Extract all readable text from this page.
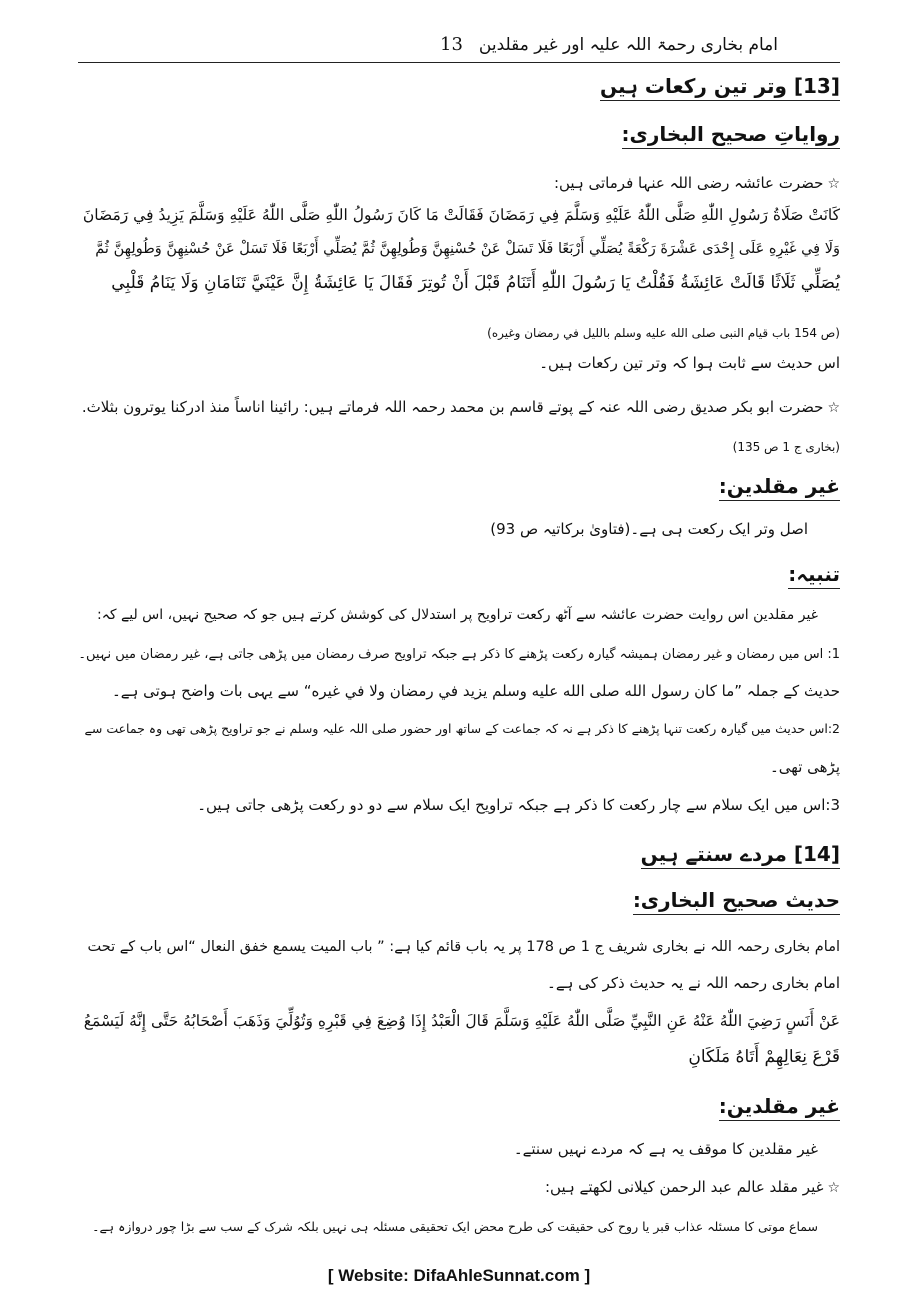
امام بخاری رحمۃ اللہ علیہ اور غیر مقلدین
13
[13] وتر تین رکعات ہیں
روایاتِ صحیح البخاری:
☆حضرت عائشہ رضی اللہ عنہا فرماتی ہیں:
كَانَتْ صَلَاةُ رَسُولِ اللّٰهِ صَلَّى اللّٰهُ عَلَيْهِ وَسَلَّمَ فِي رَمَضَانَ فَقَالَتْ مَا كَانَ رَسُولُ اللّٰهِ صَلَّى اللّٰهُ عَلَيْهِ وَسَلَّمَ يَزِيدُ فِي رَمَضَانَ
وَلَا فِي غَيْرِهِ عَلَى إِحْدَى عَشْرَةَ رَكْعَةً يُصَلِّي أَرْبَعًا فَلَا تَسَلْ عَنْ حُسْنِهِنَّ وَطُولِهِنَّ ثُمَّ يُصَلِّي أَرْبَعًا فَلَا تَسَلْ عَنْ حُسْنِهِنَّ وَطُولِهِنَّ ثُمَّ
يُصَلِّي ثَلَاثًا قَالَتْ عَائِشَةُ فَقُلْتُ يَا رَسُولَ اللّٰهِ أَتَنَامُ قَبْلَ أَنْ تُوتِرَ فَقَالَ يَا عَائِشَةُ إِنَّ عَيْنَيَّ تَنَامَانِ وَلَا يَنَامُ قَلْبِي
(ص 154 باب قیام النبی صلى الله عليه وسلم بالليل في رمضان وغيره)
اس حدیث سے ثابت ہوا کہ وتر تین رکعات ہیں۔
☆حضرت ابو بکر صدیق رضی اللہ عنہ کے پوتے قاسم بن محمد رحمہ اللہ فرماتے ہیں: رائينا اناساً منذ ادركنا يوترون بثلاث.
(بخاری ج 1 ص 135)
غیر مقلدین:
اصل وتر ایک رکعت ہی ہے۔(فتاویٰ برکاتیہ ص 93)
تنبیہ:
غیر مقلدین اس روایت حضرت عائشہ سے آٹھ رکعت تراویح پر استدلال کی کوشش کرتے ہیں جو کہ صحیح نہیں، اس لیے کہ:
1: اس میں رمضان و غیر رمضان ہمیشہ گیارہ رکعت پڑھنے کا ذکر ہے جبکہ تراویح صرف رمضان میں پڑھی جاتی ہے، غیر رمضان میں نہیں۔
حدیث کے جملہ ”ما كان رسول الله صلى الله عليه وسلم يزيد في رمضان ولا في غيره“ سے یہی بات واضح ہوتی ہے۔
2:اس حدیث میں گیارہ رکعت تنہا پڑھنے کا ذکر ہے نہ کہ جماعت کے ساتھ اور حضور صلی اللہ علیہ وسلم نے جو تراویح پڑھی تھی وہ جماعت سے
پڑھی تھی۔
3:اس میں ایک سلام سے چار رکعت کا ذکر ہے جبکہ تراویح ایک سلام سے دو دو رکعت پڑھی جاتی ہیں۔
[14] مردے سنتے ہیں
حدیث صحیح البخاری:
امام بخاری رحمہ اللہ نے بخاری شریف ج 1 ص 178 پر یہ باب قائم کیا ہے: ” باب الميت يسمع خفق النعال “اس باب کے تحت
امام بخاری رحمہ اللہ نے یہ حدیث ذکر کی ہے۔
عَنْ أَنَسٍ رَضِيَ اللّٰهُ عَنْهُ عَنِ النَّبِيِّ صَلَّى اللّٰهُ عَلَيْهِ وَسَلَّمَ قَالَ الْعَبْدُ إِذَا وُضِعَ فِي قَبْرِهِ وَتُوُلِّيَ وَذَهَبَ أَصْحَابُهُ حَتَّى إِنَّهُ لَيَسْمَعُ
قَرْعَ نِعَالِهِمْ أَتَاهُ مَلَكَانِ
غیر مقلدین:
غیر مقلدین کا موقف یہ ہے کہ مردے نہیں سنتے۔
☆غیر مقلد عالم عبد الرحمن کیلانی لکھتے ہیں:
سماع موتی کا مسئلہ عذاب قبر یا روح کی حقیقت کی طرح محض ایک تحقیقی مسئلہ ہی نہیں بلکہ شرک کے سب سے بڑا چور دروازہ ہے۔
[ Website: DifaAhleSunnat.com ]
